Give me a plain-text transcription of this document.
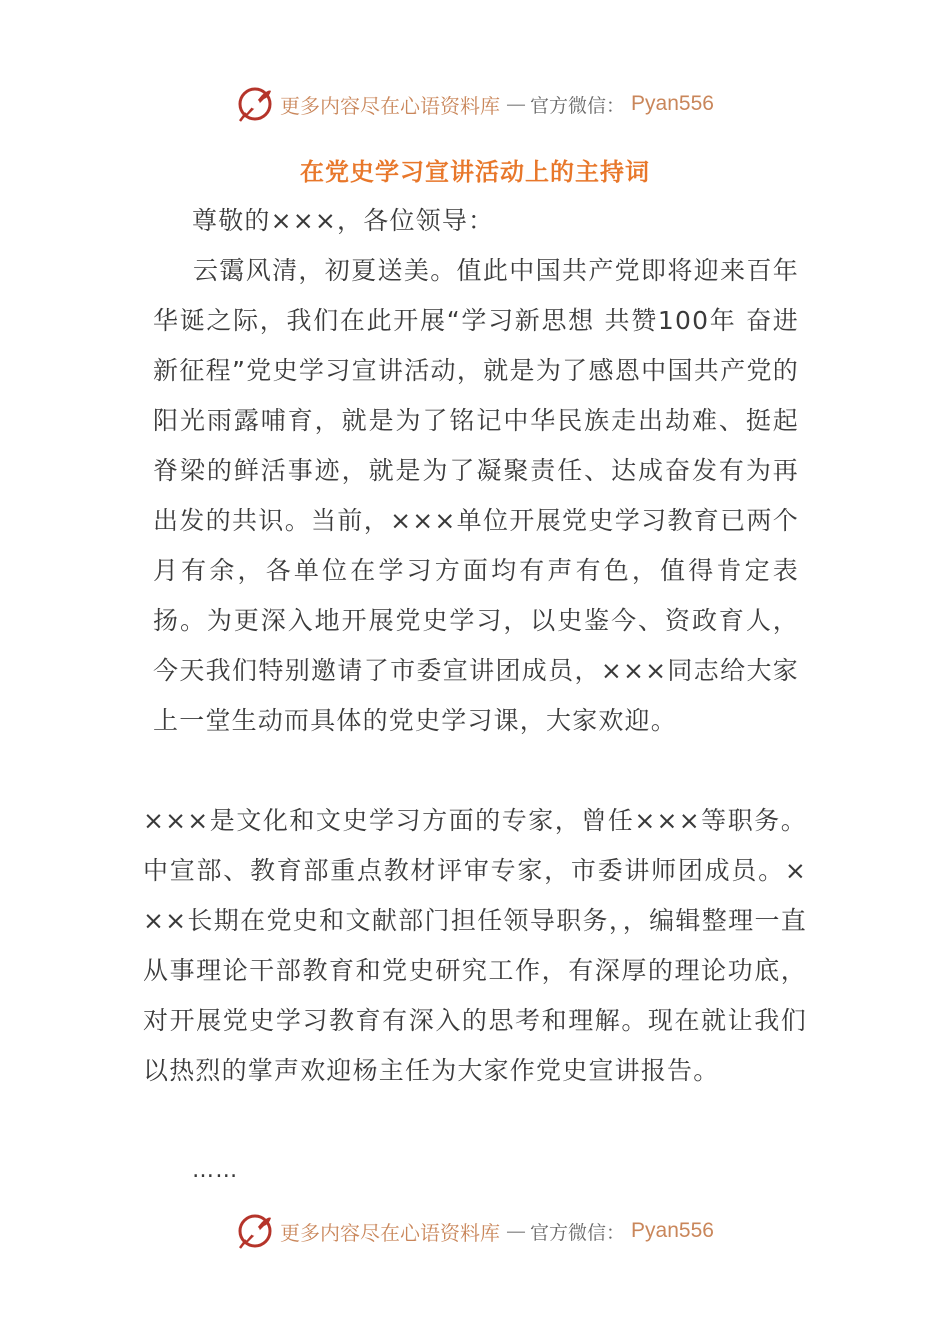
更多内容尽在心语资料库 — 官方微信： Pyan556
在党史学习宣讲活动上的主持词
尊敬的×××，各位领导：
云霭风清，初夏送美。值此中国共产党即将迎来百年华诞之际，我们在此开展“学习新思想 共赞100年 奋进新征程”党史学习宣讲活动，就是为了感恩中国共产党的阳光雨露哺育，就是为了铭记中华民族走出劫难、挺起脊梁的鲜活事迹，就是为了凝聚责任、达成奋发有为再出发的共识。当前，×××单位开展党史学习教育已两个月有余，各单位在学习方面均有声有色，值得肯定表扬。为更深入地开展党史学习，以史鉴今、资政育人，今天我们特别邀请了市委宣讲团成员，×××同志给大家上一堂生动而具体的党史学习课，大家欢迎。
×××是文化和文史学习方面的专家，曾任×××等职务。中宣部、教育部重点教材评审专家，市委讲师团成员。×××长期在党史和文献部门担任领导职务，，编辑整理一直从事理论干部教育和党史研究工作，有深厚的理论功底，对开展党史学习教育有深入的思考和理解。现在就让我们以热烈的掌声欢迎杨主任为大家作党史宣讲报告。
……
更多内容尽在心语资料库 — 官方微信： Pyan556
